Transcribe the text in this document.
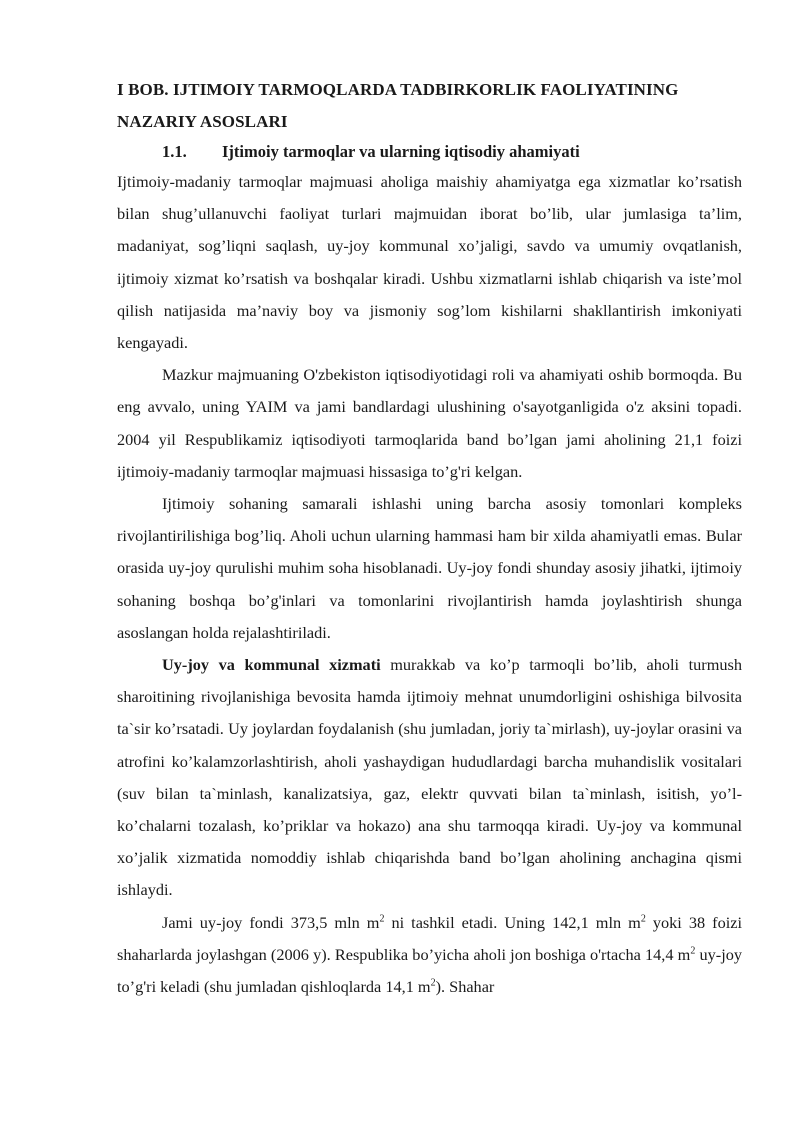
I BOB. IJTIMOIY TARMOQLARDA TADBIRKORLIK FAOLIYATINING NAZARIY ASOSLARI
1.1. Ijtimoiy tarmoqlar va ularning iqtisodiy ahamiyati

Ijtimoiy-madaniy tarmoqlar majmuasi aholiga maishiy ahamiyatga ega xizmatlar ko’rsatish bilan shug’ullanuvchi faoliyat turlari majmuidan iborat bo’lib, ular jumlasiga ta’lim, madaniyat, sog’liqni saqlash, uy-joy kommunal xo’jaligi, savdo va umumiy ovqatlanish, ijtimoiy xizmat ko’rsatish va boshqalar kiradi. Ushbu xizmatlarni ishlab chiqarish va iste’mol qilish natijasida ma’naviy boy va jismoniy sog’lom kishilarni shakllantirish imkoniyati kengayadi.

Mazkur majmuaning O'zbekiston iqtisodiyotidagi roli va ahamiyati oshib bormoqda. Bu eng avvalo, uning YAIM va jami bandlardagi ulushining o'sayotganligida o'z aksini topadi. 2004 yil Respublikamiz iqtisodiyoti tarmoqlarida band bo’lgan jami aholining 21,1 foizi ijtimoiy-madaniy tarmoqlar majmuasi hissasiga to’g'ri kelgan.

Ijtimoiy sohaning samarali ishlashi uning barcha asosiy tomonlari kompleks rivojlantirilishiga bog’liq. Aholi uchun ularning hammasi ham bir xilda ahamiyatli emas. Bular orasida uy-joy qurulishi muhim soha hisoblanadi. Uy-joy fondi shunday asosiy jihatki, ijtimoiy sohaning boshqa bo’g'inlari va tomonlarini rivojlantirish hamda joylashtirish shunga asoslangan holda rejalashtiriladi.

Uy-joy va kommunal xizmati murakkab va ko’p tarmoqli bo’lib, aholi turmush sharoitining rivojlanishiga bevosita hamda ijtimoiy mehnat unumdorligini oshishiga bilvosita ta`sir ko’rsatadi. Uy joylardan foydalanish (shu jumladan, joriy ta`mirlash), uy-joylar orasini va atrofini ko’kalamzorlashtirish, aholi yashaydigan hududlardagi barcha muhandislik vositalari (suv bilan ta`minlash, kanalizatsiya, gaz, elektr quvvati bilan ta`minlash, isitish, yo’l-ko’chalarni tozalash, ko’priklar va hokazo) ana shu tarmoqqa kiradi. Uy-joy va kommunal xo’jalik xizmatida nomoddiy ishlab chiqarishda band bo’lgan aholining anchagina qismi ishlaydi.

Jami uy-joy fondi 373,5 mln $m^2$ ni tashkil etadi. Uning 142,1 mln $m^2$ yoki 38 foizi shaharlarda joylashgan (2006 y). Respublika bo’yicha aholi jon boshiga o'rtacha 14,4 $m^2$ uy-joy to’g'ri keladi (shu jumladan qishloqlarda 14,1 $m^2$). Shahar
